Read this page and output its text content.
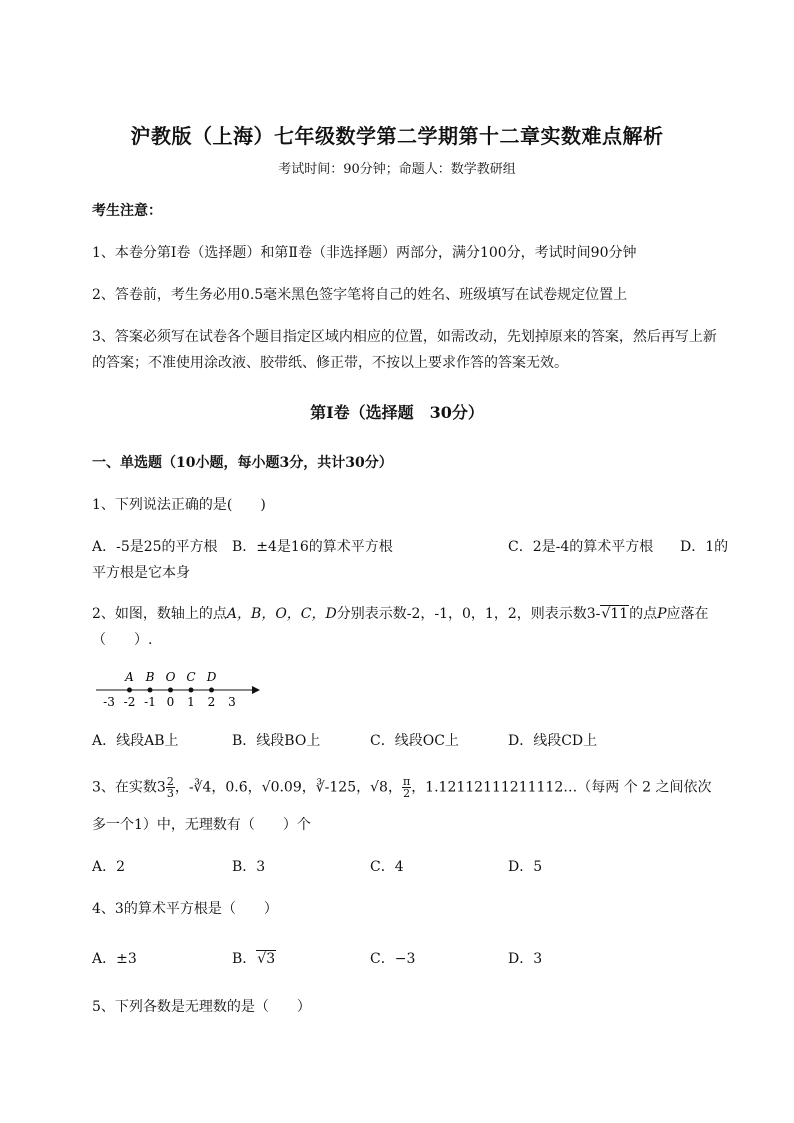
沪教版（上海）七年级数学第二学期第十二章实数难点解析
考试时间：90分钟；命题人：数学教研组
考生注意：
1、本卷分第I卷（选择题）和第Ⅱ卷（非选择题）两部分，满分100分，考试时间90分钟
2、答卷前，考生务必用0.5毫米黑色签字笔将自己的姓名、班级填写在试卷规定位置上
3、答案必须写在试卷各个题目指定区域内相应的位置，如需改动，先划掉原来的答案，然后再写上新
的答案；不准使用涂改液、胶带纸、修正带，不按以上要求作答的答案无效。
第I卷（选择题　30分）
一、单选题（10小题，每小题3分，共计30分）
1、下列说法正确的是(　　)
A．-5是25的平方根 B．±4是16的算术平方根	C．2是-4的算术平方根 D．1的
平方根是它本身
2、如图，数轴上的点A，B，O，C，D分别表示数-2，-1，0，1，2，则表示数3-√11的点P应落在
（　　）.
A B O C D
-3 -2 -1 0 1 2 3
A．线段AB上	B．线段BO上	C．线段OC上	D．线段CD上
3、在实数$3 \frac{2}{3}$ ，-∛4，0.6̇，√0.09，∛-125，√8， $\frac{\pi}{2}$ ，1.12112111211112…（每两 个 2 之间依次
多一个1）中，无理数有（　　）个
A．2	B．3	C．4	D．5
4、3的算术平方根是（　　）
A．±3	B．√3	C．−3	D．3
5、下列各数是无理数的是（　　）
